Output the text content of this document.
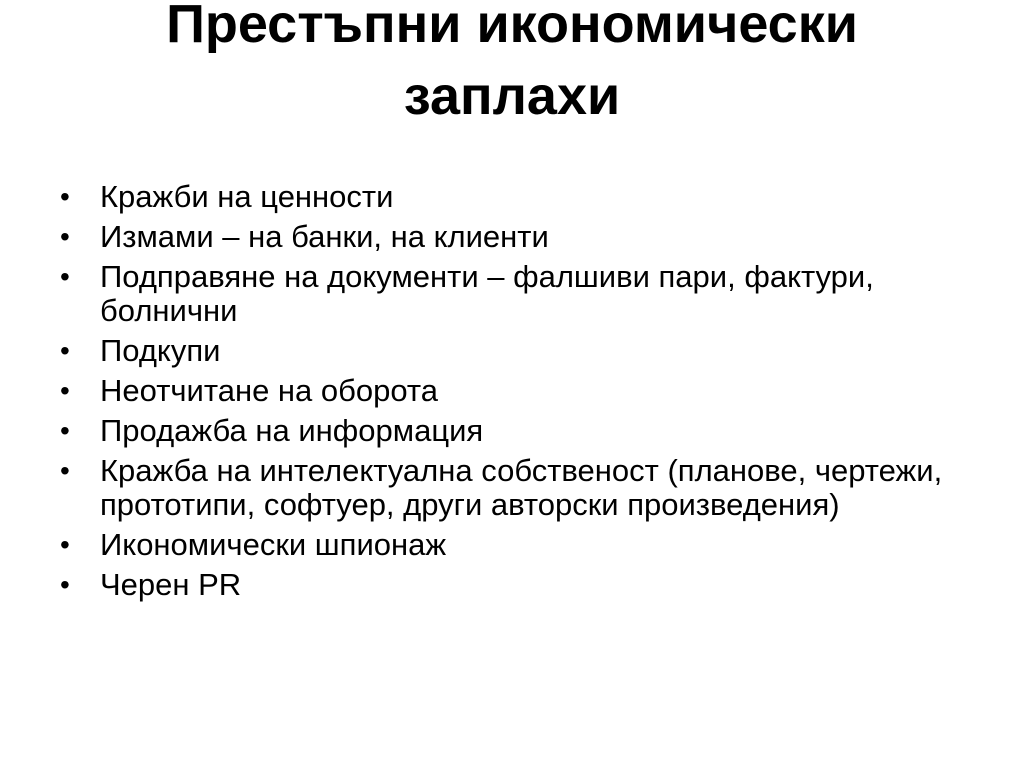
Престъпни икономически
заплахи
• Кражби на ценности
• Измами – на банки, на клиенти
• Подправяне на документи – фалшиви пари, фактури, болнични
• Подкупи
• Неотчитане на оборота
• Продажба на информация
• Кражба на интелектуална собственост (планове, чертежи, прототипи, софтуер, други авторски произведения)
• Икономически шпионаж
• Черен PR
